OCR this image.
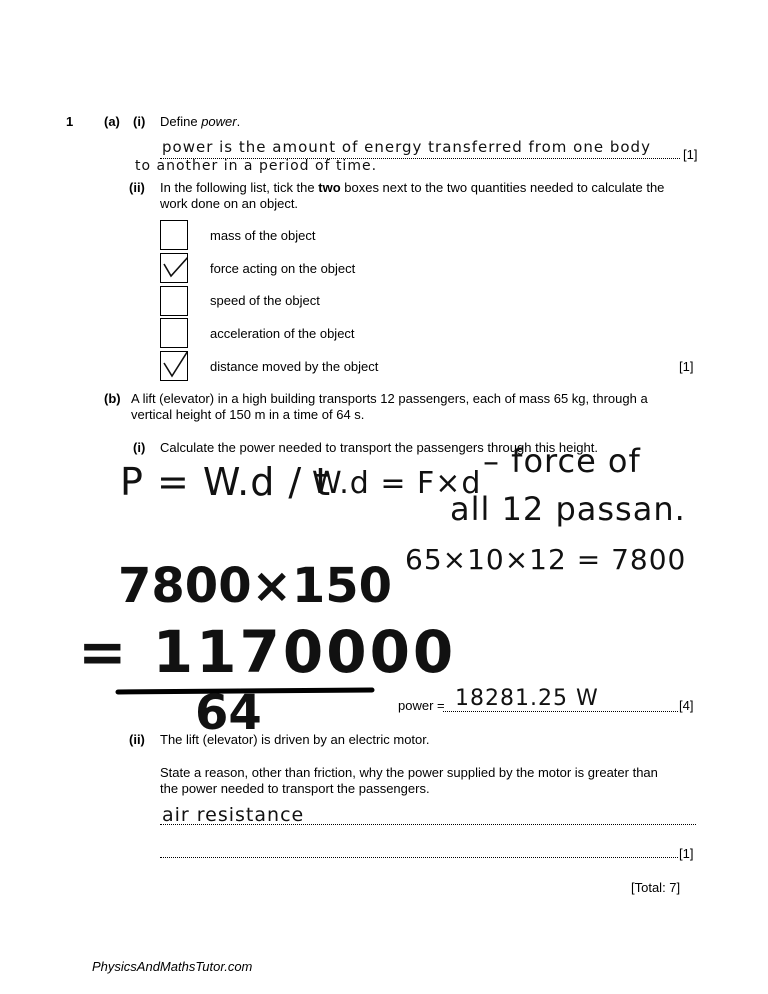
1 (a) (i) Define power.
power is the amount of energy transferred from one body [1]
to another in a period of time.
(ii) In the following list, tick the two boxes next to the two quantities needed to calculate the
work done on an object.
mass of the object
force acting on the object
speed of the object
acceleration of the object
distance moved by the object	[1]
(b) A lift (elevator) in a high building transports 12 passengers, each of mass 65 kg, through a
vertical height of 150 m in a time of 64 s.
(i) Calculate the power needed to transport the passengers through this height.
P = W.d / t
W.d = F×d
– force of
all 12 passan.
65×10×12 = 7800
7800×150
= 1170000
64	power = 18281.25 W	[4]
(ii) The lift (elevator) is driven by an electric motor.
State a reason, other than friction, why the power supplied by the motor is greater than
the power needed to transport the passengers.
air resistance
[1]
[Total: 7]
PhysicsAndMathsTutor.com
